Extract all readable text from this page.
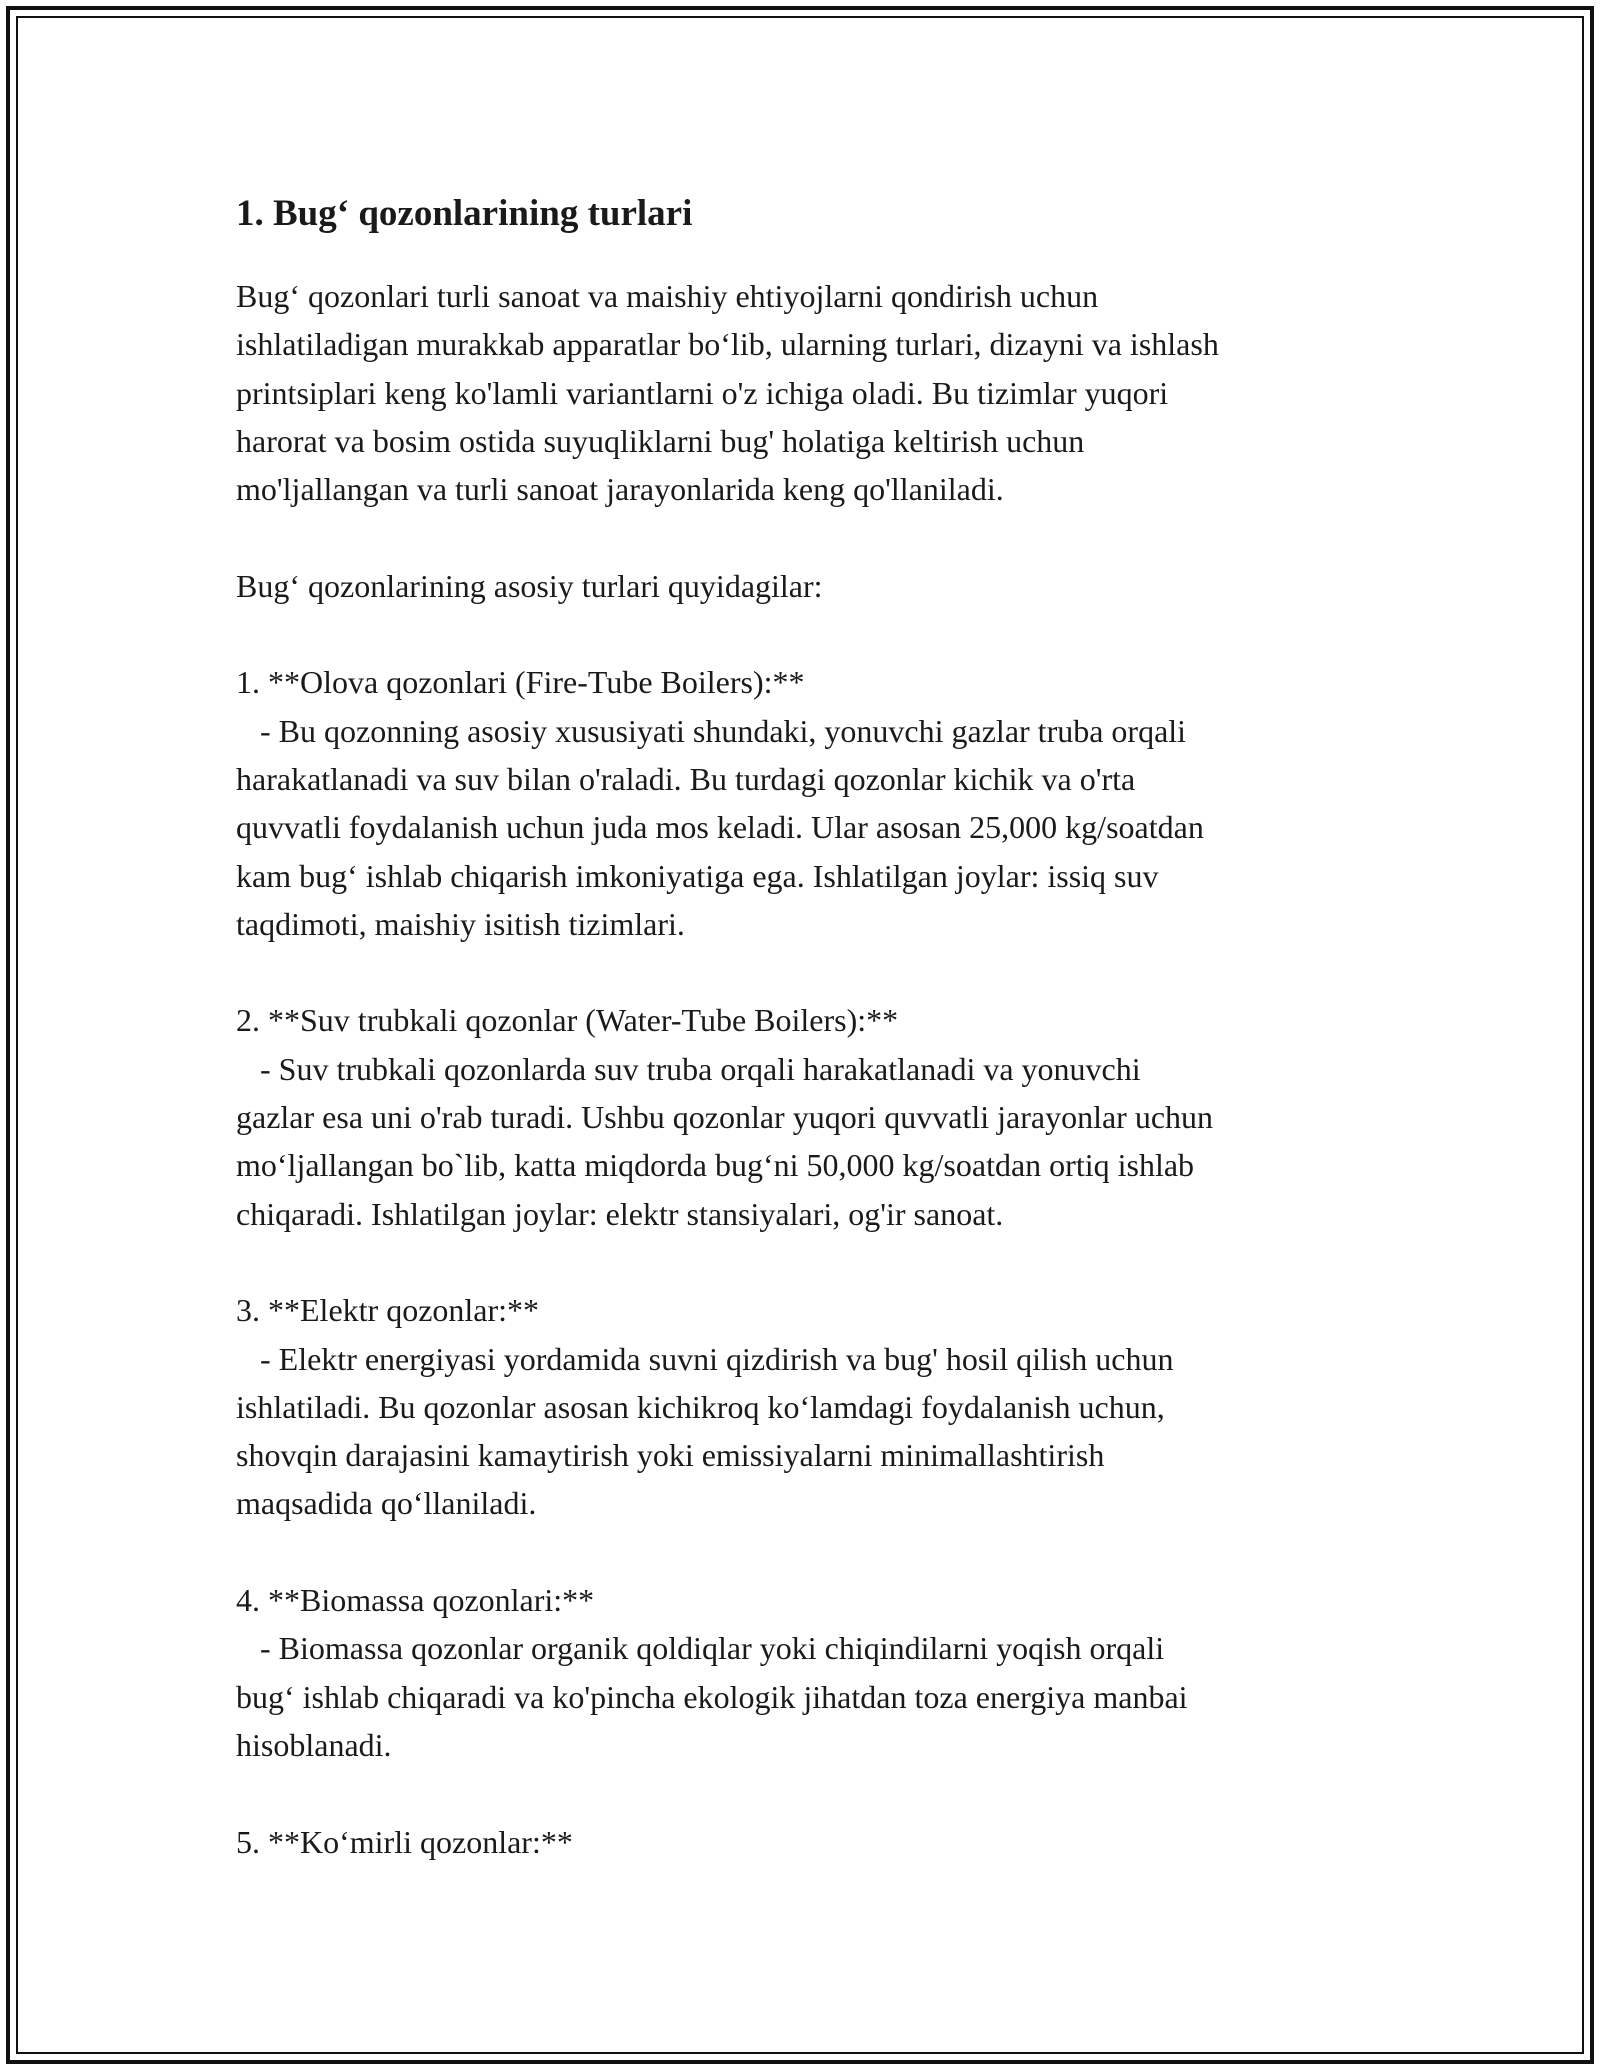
1. Bug‘ qozonlarining turlari

Bug‘ qozonlari turli sanoat va maishiy ehtiyojlarni qondirish uchun

ishlatiladigan murakkab apparatlar bo‘lib, ularning turlari, dizayni va ishlash

printsiplari keng ko'lamli variantlarni o'z ichiga oladi. Bu tizimlar yuqori

harorat va bosim ostida suyuqliklarni bug' holatiga keltirish uchun

mo'ljallangan va turli sanoat jarayonlarida keng qo'llaniladi.

Bug‘ qozonlarining asosiy turlari quyidagilar:

1. **Olova qozonlari (Fire-Tube Boilers):**

- Bu qozonning asosiy xususiyati shundaki, yonuvchi gazlar truba orqali

harakatlanadi va suv bilan o'raladi. Bu turdagi qozonlar kichik va o'rta

quvvatli foydalanish uchun juda mos keladi. Ular asosan 25,000 kg/soatdan

kam bug‘ ishlab chiqarish imkoniyatiga ega. Ishlatilgan joylar: issiq suv

taqdimoti, maishiy isitish tizimlari.

2. **Suv trubkali qozonlar (Water-Tube Boilers):**

- Suv trubkali qozonlarda suv truba orqali harakatlanadi va yonuvchi

gazlar esa uni o'rab turadi. Ushbu qozonlar yuqori quvvatli jarayonlar uchun

mo‘ljallangan bo`lib, katta miqdorda bug‘ni 50,000 kg/soatdan ortiq ishlab

chiqaradi. Ishlatilgan joylar: elektr stansiyalari, og'ir sanoat.

3. **Elektr qozonlar:**

- Elektr energiyasi yordamida suvni qizdirish va bug' hosil qilish uchun

ishlatiladi. Bu qozonlar asosan kichikroq ko‘lamdagi foydalanish uchun,

shovqin darajasini kamaytirish yoki emissiyalarni minimallashtirish

maqsadida qo‘llaniladi.

4. **Biomassa qozonlari:**

- Biomassa qozonlar organik qoldiqlar yoki chiqindilarni yoqish orqali

bug‘ ishlab chiqaradi va ko'pincha ekologik jihatdan toza energiya manbai

hisoblanadi.

5. **Ko‘mirli qozonlar:**
